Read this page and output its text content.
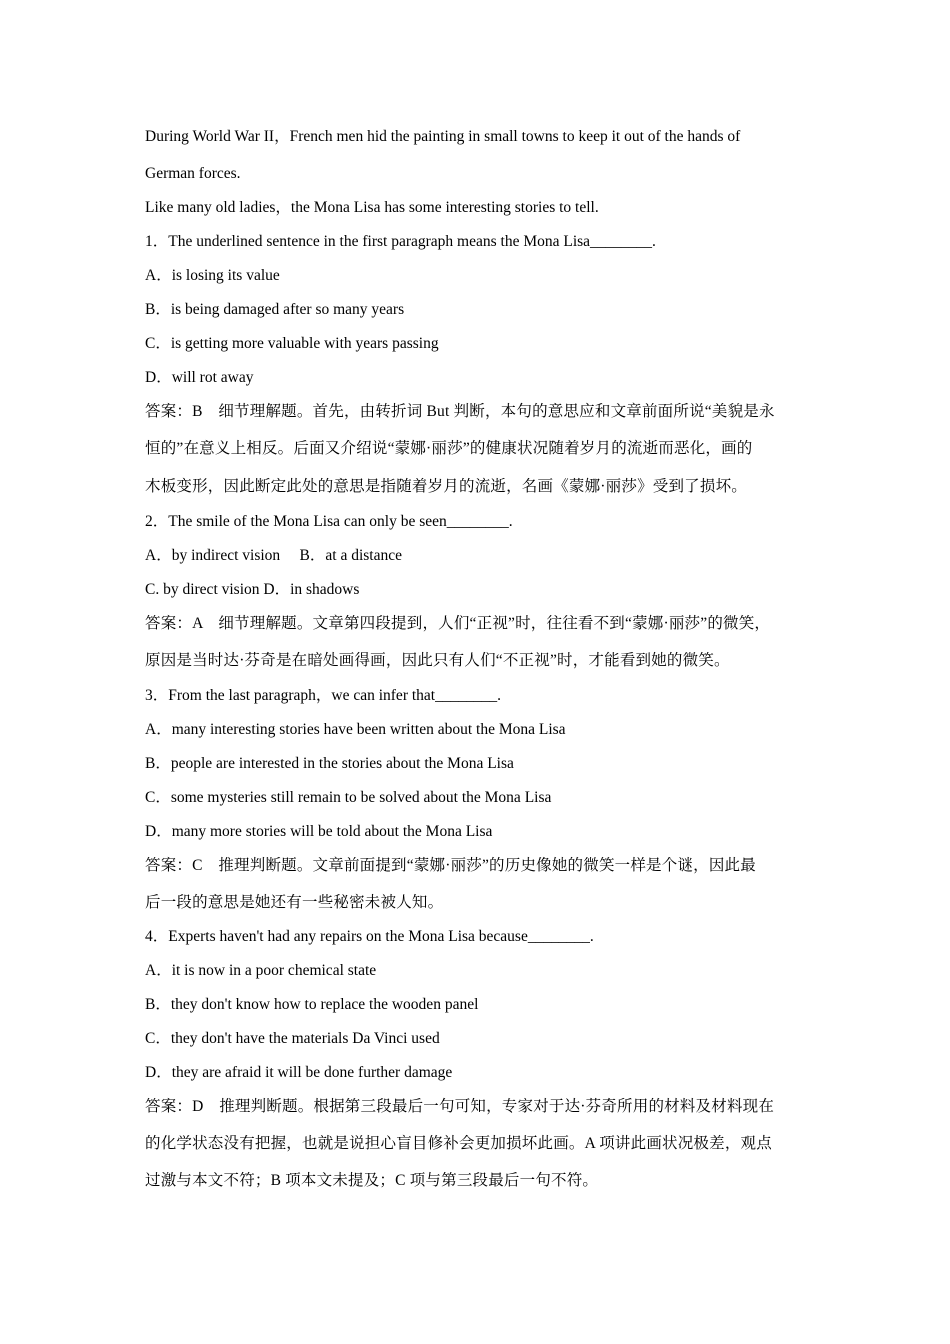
During World War II，French men hid the painting in small towns to keep it out of the hands of
German forces.
Like many old ladies，the Mona Lisa has some interesting stories to tell.
1．The underlined sentence in the first paragraph means the Mona Lisa________.
A．is losing its value
B．is being damaged after so many years
C．is getting more valuable with years passing
D．will rot away
答案：B　细节理解题。首先，由转折词 But 判断，本句的意思应和文章前面所说“美貌是永
恒的”在意义上相反。后面又介绍说“蒙娜·丽莎”的健康状况随着岁月的流逝而恶化，画的
木板变形，因此断定此处的意思是指随着岁月的流逝，名画《蒙娜·丽莎》受到了损坏。
2．The smile of the Mona Lisa can only be seen________.
A．by indirect vision　 B．at a distance
C. by direct vision D．in shadows
答案：A　细节理解题。文章第四段提到，人们“正视”时，往往看不到“蒙娜·丽莎”的微笑，
原因是当时达·芬奇是在暗处画得画，因此只有人们“不正视”时，才能看到她的微笑。
3．From the last paragraph，we can infer that________.
A．many interesting stories have been written about the Mona Lisa
B．people are interested in the stories about the Mona Lisa
C．some mysteries still remain to be solved about the Mona Lisa
D．many more stories will be told about the Mona Lisa
答案：C　推理判断题。文章前面提到“蒙娜·丽莎”的历史像她的微笑一样是个谜，因此最
后一段的意思是她还有一些秘密未被人知。
4．Experts haven't had any repairs on the Mona Lisa because________.
A．it is now in a poor chemical state
B．they don't know how to replace the wooden panel
C．they don't have the materials Da Vinci used
D．they are afraid it will be done further damage
答案：D　推理判断题。根据第三段最后一句可知，专家对于达·芬奇所用的材料及材料现在
的化学状态没有把握，也就是说担心盲目修补会更加损坏此画。A 项讲此画状况极差，观点
过激与本文不符；B 项本文未提及；C 项与第三段最后一句不符。
